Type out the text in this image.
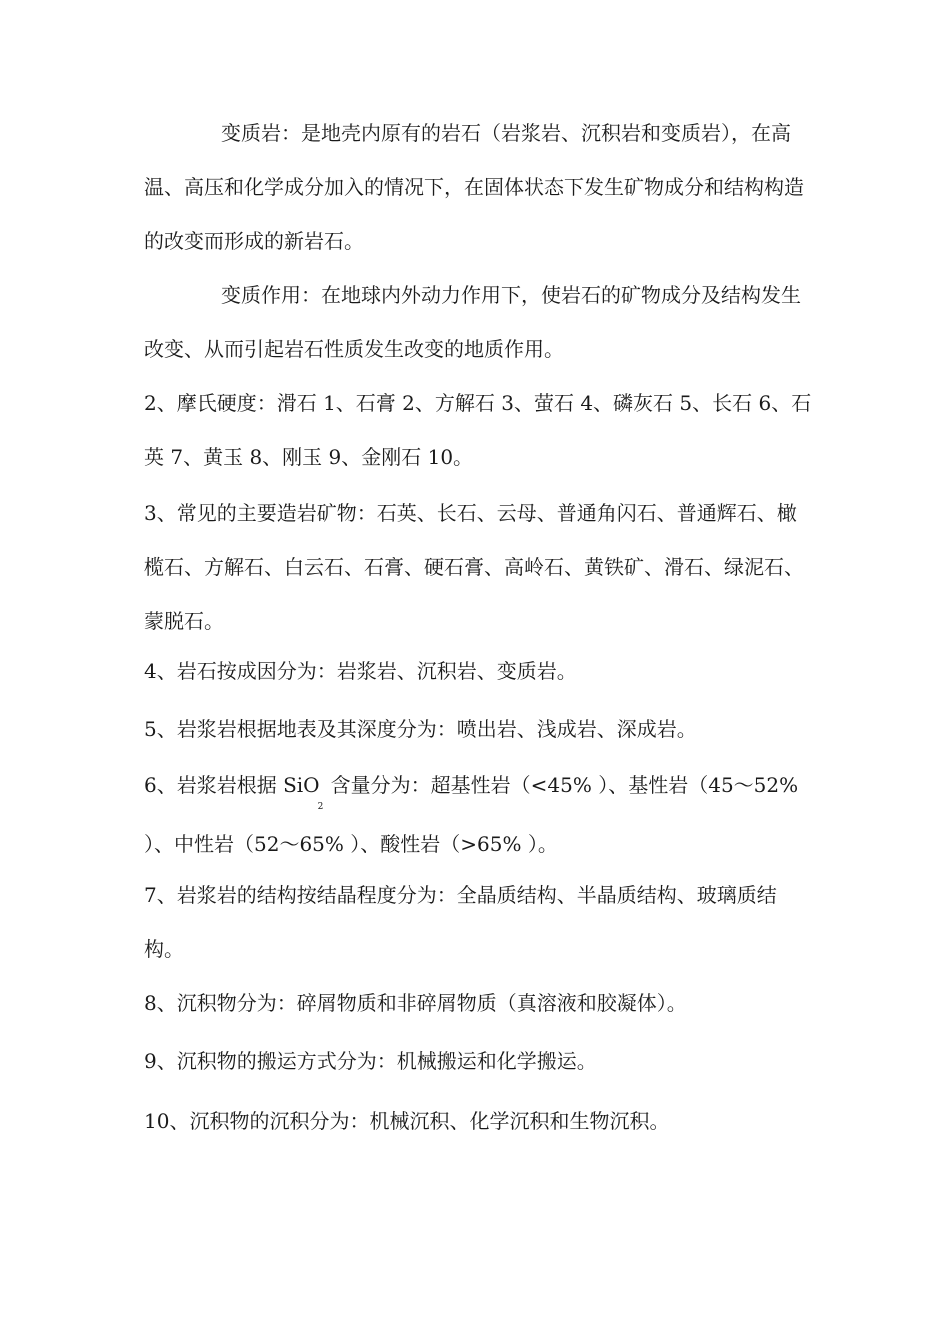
变质岩：是地壳内原有的岩石（岩浆岩、沉积岩和变质岩），在高温、高压和化学成分加入的情况下，在固体状态下发生矿物成分和结构构造的改变而形成的新岩石。

变质作用：在地球内外动力作用下，使岩石的矿物成分及结构发生改变、从而引起岩石性质发生改变的地质作用。

2、摩氏硬度：滑石 1、石膏 2、方解石 3、萤石 4、磷灰石 5、长石 6、石英 7、黄玉 8、刚玉 9、金刚石 10。

3、常见的主要造岩矿物：石英、长石、云母、普通角闪石、普通辉石、橄榄石、方解石、白云石、石膏、硬石膏、高岭石、黄铁矿、滑石、绿泥石、蒙脱石。

4、岩石按成因分为：岩浆岩、沉积岩、变质岩。

5、岩浆岩根据地表及其深度分为：喷出岩、浅成岩、深成岩。

6、岩浆岩根据 SiO$_2$ 含量分为：超基性岩（<45% ）、基性岩（45～52% ）、中性岩（52～65% ）、酸性岩（>65% ）。

7、岩浆岩的结构按结晶程度分为：全晶质结构、半晶质结构、玻璃质结构。

8、沉积物分为：碎屑物质和非碎屑物质（真溶液和胶凝体）。

9、沉积物的搬运方式分为：机械搬运和化学搬运。

10、沉积物的沉积分为：机械沉积、化学沉积和生物沉积。
